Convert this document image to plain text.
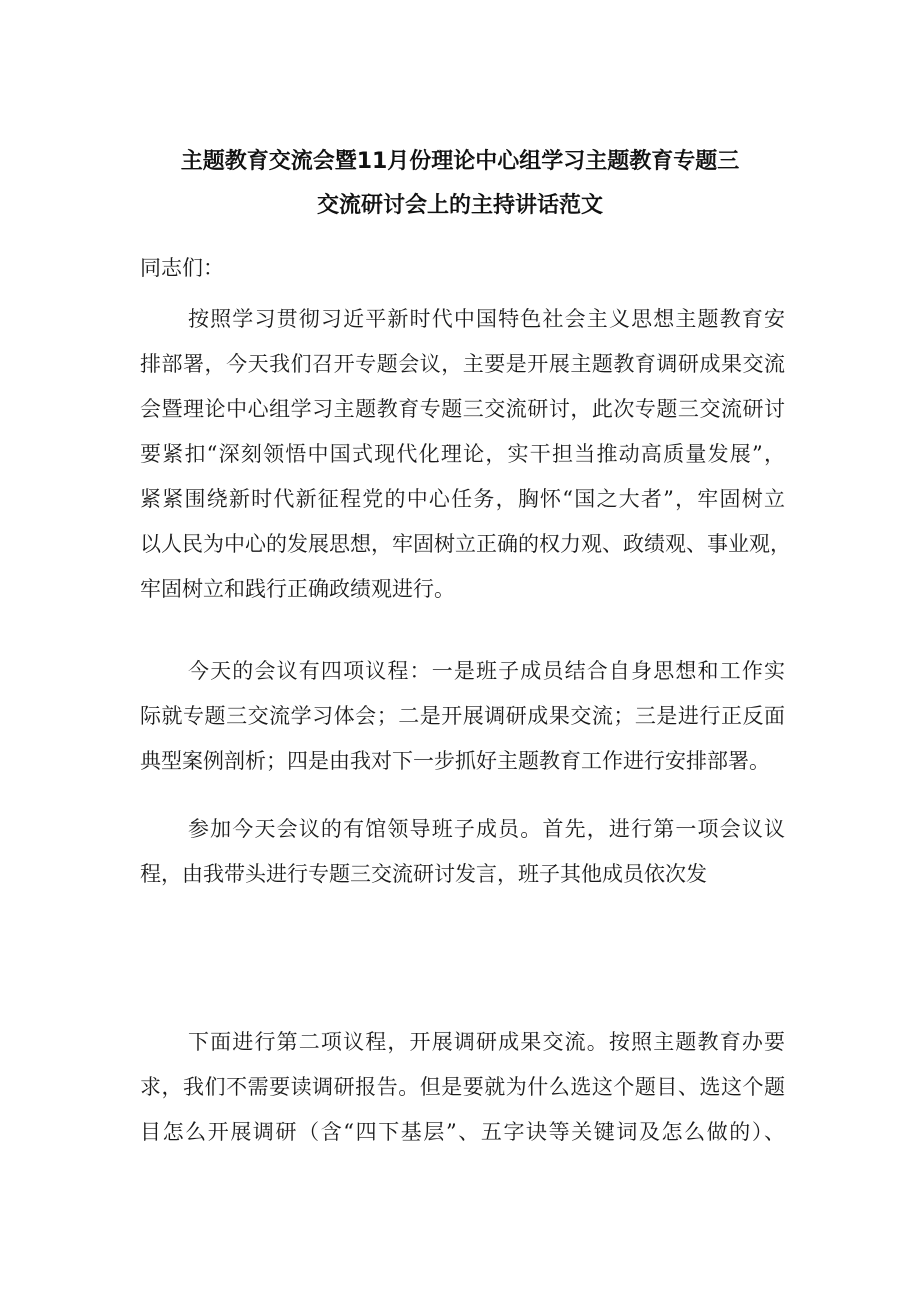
主题教育交流会暨11月份理论中心组学习主题教育专题三
交流研讨会上的主持讲话范文
同志们：
按照学习贯彻习近平新时代中国特色社会主义思想主题教育安
排部署，今天我们召开专题会议，主要是开展主题教育调研成果交流
会暨理论中心组学习主题教育专题三交流研讨，此次专题三交流研讨
要紧扣“深刻领悟中国式现代化理论，实干担当推动高质量发展”，
紧紧围绕新时代新征程党的中心任务，胸怀“国之大者”，牢固树立
以人民为中心的发展思想，牢固树立正确的权力观、政绩观、事业观，
牢固树立和践行正确政绩观进行。
今天的会议有四项议程：一是班子成员结合自身思想和工作实
际就专题三交流学习体会；二是开展调研成果交流；三是进行正反面
典型案例剖析；四是由我对下一步抓好主题教育工作进行安排部署。
参加今天会议的有馆领导班子成员。首先，进行第一项会议议
程，由我带头进行专题三交流研讨发言，班子其他成员依次发
下面进行第二项议程，开展调研成果交流。按照主题教育办要
求，我们不需要读调研报告。但是要就为什么选这个题目、选这个题
目怎么开展调研（含“四下基层”、五字诀等关键词及怎么做的）、
